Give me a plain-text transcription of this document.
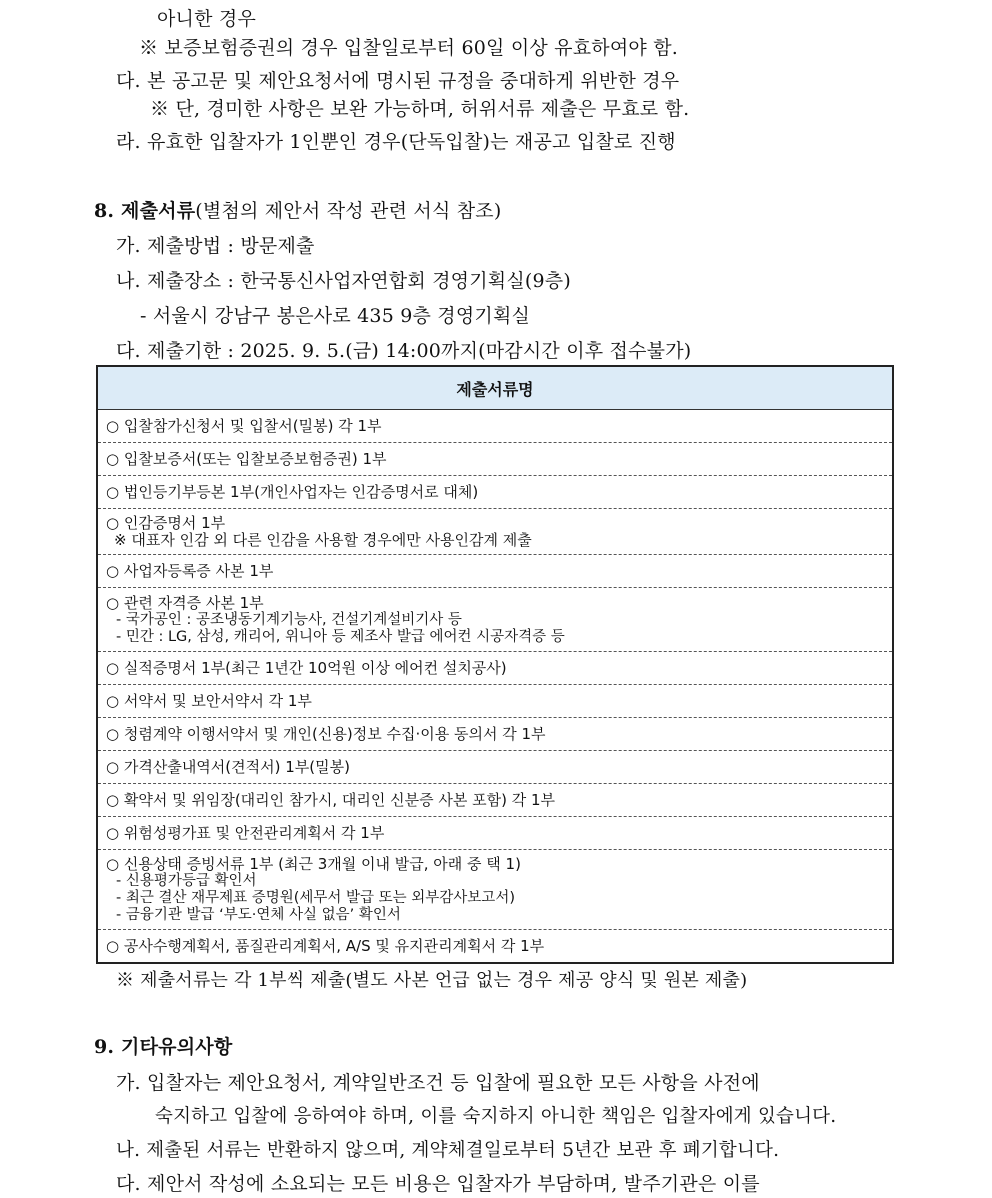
아니한 경우
※ 보증보험증권의 경우 입찰일로부터 60일 이상 유효하여야 함.
다. 본 공고문 및 제안요청서에 명시된 규정을 중대하게 위반한 경우
※ 단, 경미한 사항은 보완 가능하며, 허위서류 제출은 무효로 함.
라. 유효한 입찰자가 1인뿐인 경우(단독입찰)는 재공고 입찰로 진행
8. 제출서류(별첨의 제안서 작성 관련 서식 참조)
가. 제출방법 : 방문제출
나. 제출장소 : 한국통신사업자연합회 경영기획실(9층)
- 서울시 강남구 봉은사로 435 9층 경영기획실
다. 제출기한 : 2025. 9. 5.(금) 14:00까지(마감시간 이후 접수불가)
제출서류명
○ 입찰참가신청서 및 입찰서(밀봉) 각 1부
○ 입찰보증서(또는 입찰보증보험증권) 1부
○ 법인등기부등본 1부(개인사업자는 인감증명서로 대체)
○ 인감증명서 1부
※ 대표자 인감 외 다른 인감을 사용할 경우에만 사용인감계 제출

○ 사업자등록증 사본 1부
○ 관련 자격증 사본 1부
- 국가공인 : 공조냉동기계기능사, 건설기계설비기사 등
- 민간 : LG, 삼성, 캐리어, 위니아 등 제조사 발급 에어컨 시공자격증 등

○ 실적증명서 1부(최근 1년간 10억원 이상 에어컨 설치공사)
○ 서약서 및 보안서약서 각 1부
○ 청렴계약 이행서약서 및 개인(신용)정보 수집·이용 동의서 각 1부
○ 가격산출내역서(견적서) 1부(밀봉)
○ 확약서 및 위임장(대리인 참가시, 대리인 신분증 사본 포함) 각 1부
○ 위험성평가표 및 안전관리계획서 각 1부
○ 신용상태 증빙서류 1부 (최근 3개월 이내 발급, 아래 중 택 1)
- 신용평가등급 확인서
- 최근 결산 재무제표 증명원(세무서 발급 또는 외부감사보고서)
- 금융기관 발급 ‘부도·연체 사실 없음’ 확인서

○ 공사수행계획서, 품질관리계획서, A/S 및 유지관리계획서 각 1부
※ 제출서류는 각 1부씩 제출(별도 사본 언급 없는 경우 제공 양식 및 원본 제출)
9. 기타유의사항
가. 입찰자는 제안요청서, 계약일반조건 등 입찰에 필요한 모든 사항을 사전에
숙지하고 입찰에 응하여야 하며, 이를 숙지하지 아니한 책임은 입찰자에게 있습니다.
나. 제출된 서류는 반환하지 않으며, 계약체결일로부터 5년간 보관 후 폐기합니다.
다. 제안서 작성에 소요되는 모든 비용은 입찰자가 부담하며, 발주기관은 이를
